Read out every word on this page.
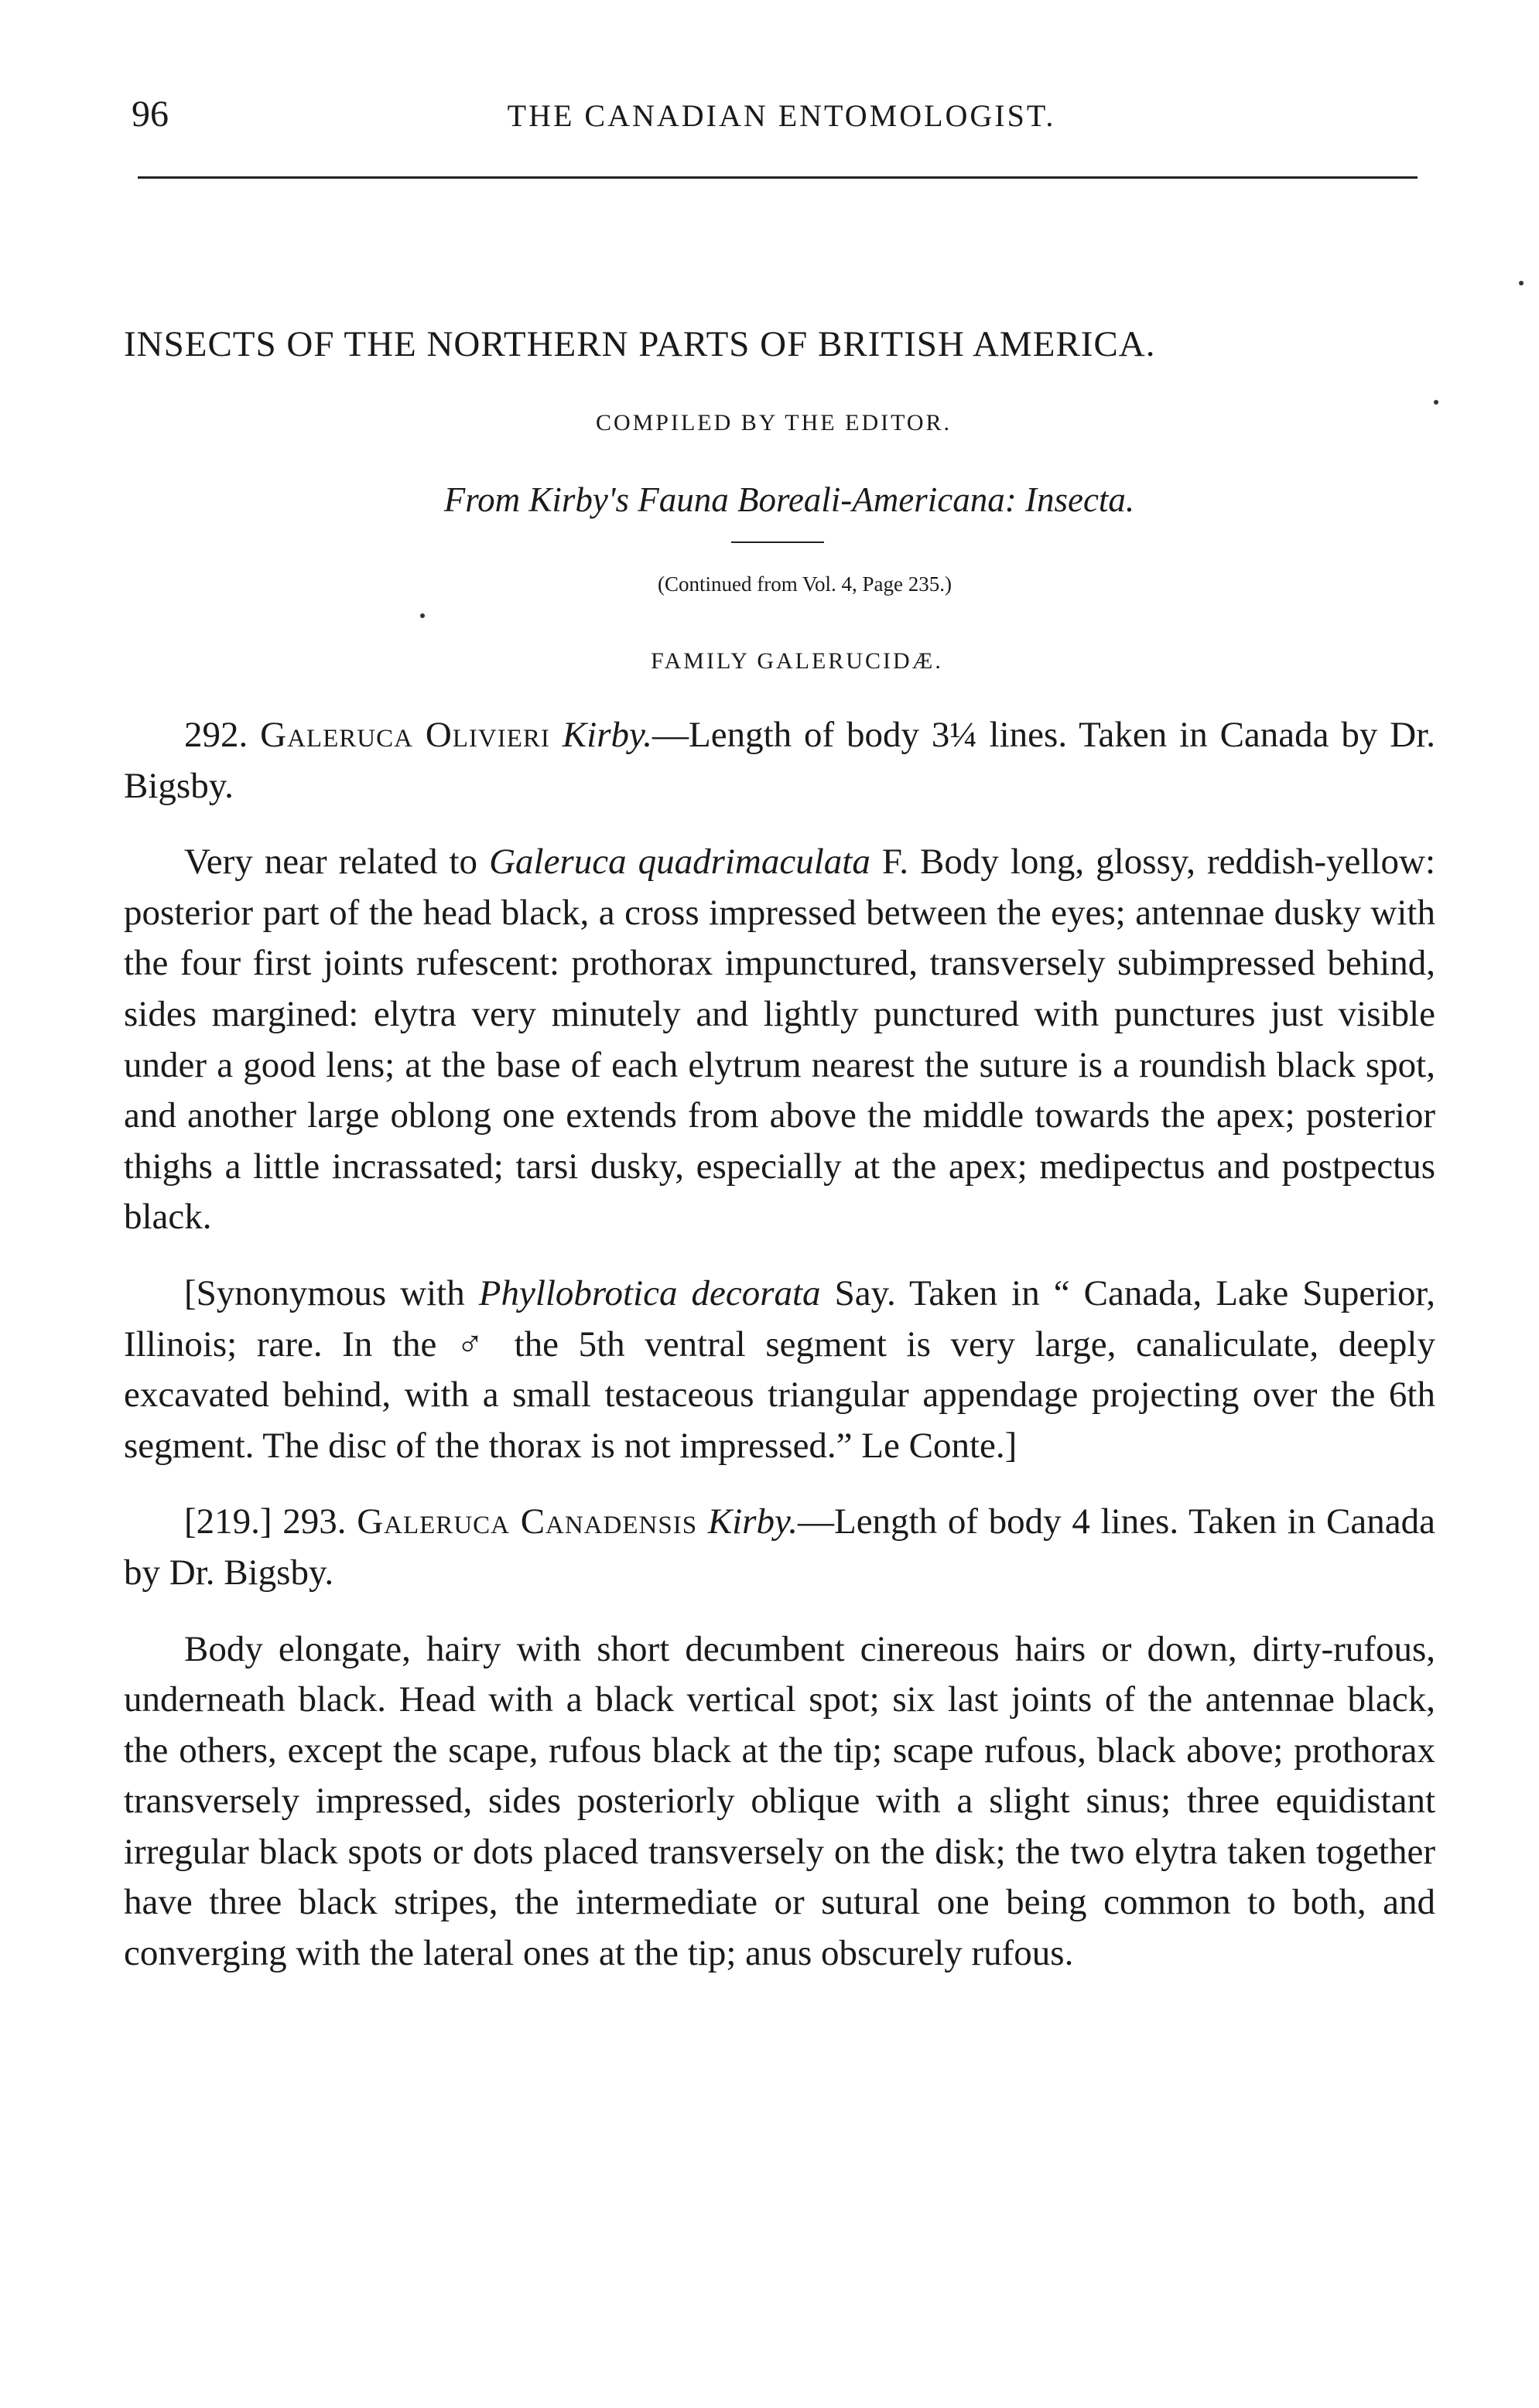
96	THE CANADIAN ENTOMOLOGIST.
INSECTS OF THE NORTHERN PARTS OF BRITISH AMERICA.
COMPILED BY THE EDITOR.
From Kirby's Fauna Boreali-Americana: Insecta.
(Continued from Vol. 4, Page 235.)
FAMILY GALERUCIDÆ.

292. Galeruca Olivieri Kirby.—Length of body 3¼ lines. Taken in Canada by Dr. Bigsby.

Very near related to Galeruca quadrimaculata F. Body long, glossy, reddish-yellow: posterior part of the head black, a cross impressed between the eyes; antennae dusky with the four first joints rufescent: prothorax impunctured, transversely subimpressed behind, sides margined: elytra very minutely and lightly punctured with punctures just visible under a good lens; at the base of each elytrum nearest the suture is a roundish black spot, and another large oblong one extends from above the middle towards the apex; posterior thighs a little incrassated; tarsi dusky, especially at the apex; medipectus and postpectus black.

[Synonymous with Phyllobrotica decorata Say. Taken in “ Canada, Lake Superior, Illinois; rare. In the ♂ the 5th ventral segment is very large, canaliculate, deeply excavated behind, with a small testaceous triangular appendage projecting over the 6th segment. The disc of the thorax is not impressed.” Le Conte.]

[219.] 293. Galeruca Canadensis Kirby.—Length of body 4 lines. Taken in Canada by Dr. Bigsby.

Body elongate, hairy with short decumbent cinereous hairs or down, dirty-rufous, underneath black. Head with a black vertical spot; six last joints of the antennae black, the others, except the scape, rufous black at the tip; scape rufous, black above; prothorax transversely impressed, sides posteriorly oblique with a slight sinus; three equidistant irregular black spots or dots placed transversely on the disk; the two elytra taken together have three black stripes, the intermediate or sutural one being common to both, and converging with the lateral ones at the tip; anus obscurely rufous.
